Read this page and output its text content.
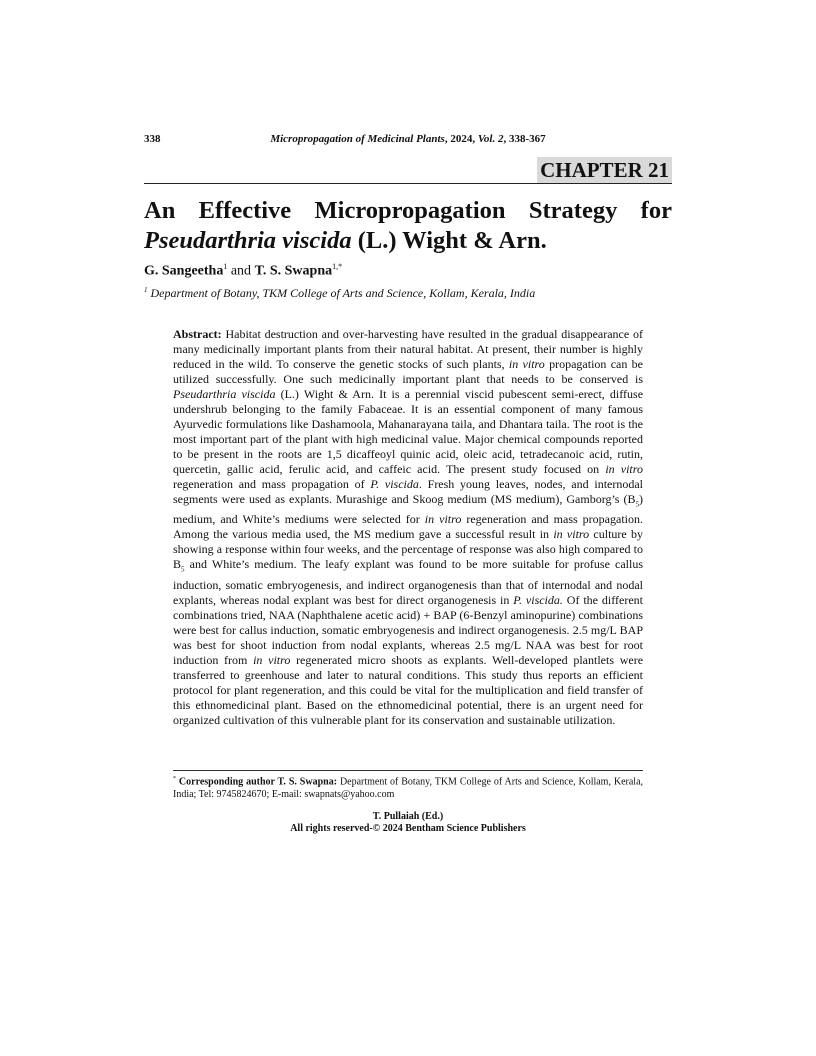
338	Micropropagation of Medicinal Plants, 2024, Vol. 2, 338-367
CHAPTER 21
An Effective Micropropagation Strategy for
Pseudarthria viscida (L.) Wight & Arn.
G. Sangeetha$^1$ and T. S. Swapna$^{1,*}$
$^1$ Department of Botany, TKM College of Arts and Science, Kollam, Kerala, India
Abstract: Habitat destruction and over-harvesting have resulted in the gradual disappearance of many medicinally important plants from their natural habitat. At present, their number is highly reduced in the wild. To conserve the genetic stocks of such plants, in vitro propagation can be utilized successfully. One such medicinally important plant that needs to be conserved is Pseudarthria viscida (L.) Wight & Arn. It is a perennial viscid pubescent semi-erect, diffuse undershrub belonging to the family Fabaceae. It is an essential component of many famous Ayurvedic formulations like Dashamoola, Mahanarayana taila, and Dhantara taila. The root is the most important part of the plant with high medicinal value. Major chemical compounds reported to be present in the roots are 1,5 dicaffeoyl quinic acid, oleic acid, tetradecanoic acid, rutin, quercetin, gallic acid, ferulic acid, and caffeic acid. The present study focused on in vitro regeneration and mass propagation of P. viscida. Fresh young leaves, nodes, and internodal segments were used as explants. Murashige and Skoog medium (MS medium), Gamborg’s $(B_5)$ medium, and White’s mediums were selected for in vitro regeneration and mass propagation. Among the various media used, the MS medium gave a successful result in in vitro culture by showing a response within four weeks, and the percentage of response was also high compared to $B_5$ and White’s medium. The leafy explant was found to be more suitable for profuse callus induction, somatic embryogenesis, and indirect organogenesis than that of internodal and nodal explants, whereas nodal explant was best for direct organogenesis in P. viscida. Of the different combinations tried, NAA (Naphthalene acetic acid) + BAP (6-Benzyl aminopurine) combinations were best for callus induction, somatic embryogenesis and indirect organogenesis. 2.5 mg/L BAP was best for shoot induction from nodal explants, whereas 2.5 mg/L NAA was best for root induction from in vitro regenerated micro shoots as explants. Well-developed plantlets were transferred to greenhouse and later to natural conditions. This study thus reports an efficient protocol for plant regeneration, and this could be vital for the multiplication and field transfer of this ethnomedicinal plant. Based on the ethnomedicinal potential, there is an urgent need for organized cultivation of this vulnerable plant for its conservation and sustainable utilization.
* Corresponding author T. S. Swapna: Department of Botany, TKM College of Arts and Science, Kollam, Kerala, India; Tel: 9745824670; E-mail: swapnats@yahoo.com
T. Pullaiah (Ed.)
All rights reserved-© 2024 Bentham Science Publishers
